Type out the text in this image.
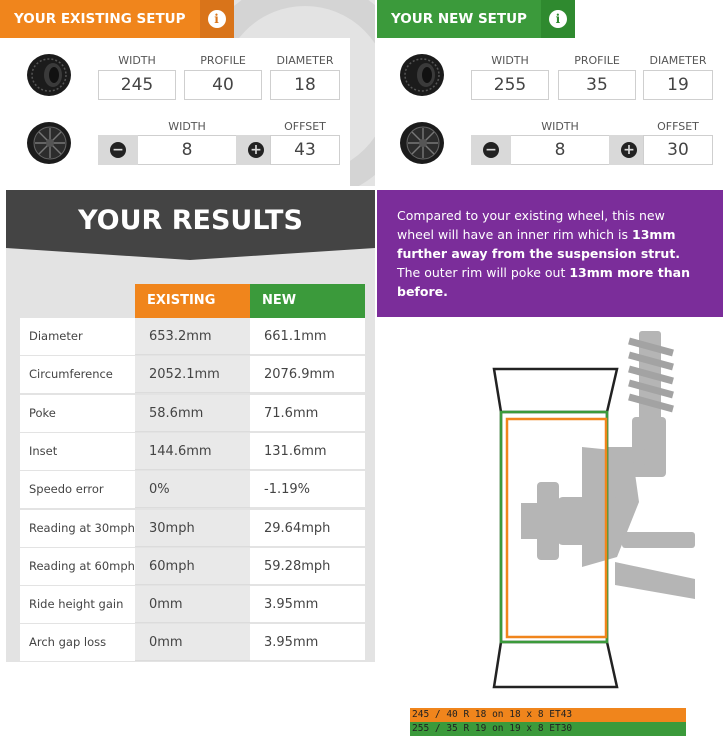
YOUR EXISTING SETUP	i
WIDTH	PROFILE	DIAMETER
245	40	18
WIDTH	OFFSET
−	8	+	43
YOUR NEW SETUP	i
WIDTH	PROFILE	DIAMETER
255	35	19
WIDTH	OFFSET
−	8	+	30
YOUR RESULTS
EXISTING	NEW
Diameter	653.2mm	661.1mm
Circumference	2052.1mm	2076.9mm
Poke	58.6mm	71.6mm
Inset	144.6mm	131.6mm
Speedo error	0%	-1.19%
Reading at 30mph	30mph	29.64mph
Reading at 60mph	60mph	59.28mph
Ride height gain	0mm	3.95mm
Arch gap loss	0mm	3.95mm
Compared to your existing wheel, this new wheel will have an inner rim which is 13mm further away from the suspension strut. The outer rim will poke out 13mm more than before.
245 / 40 R 18 on 18 x 8 ET43
255 / 35 R 19 on 19 x 8 ET30
